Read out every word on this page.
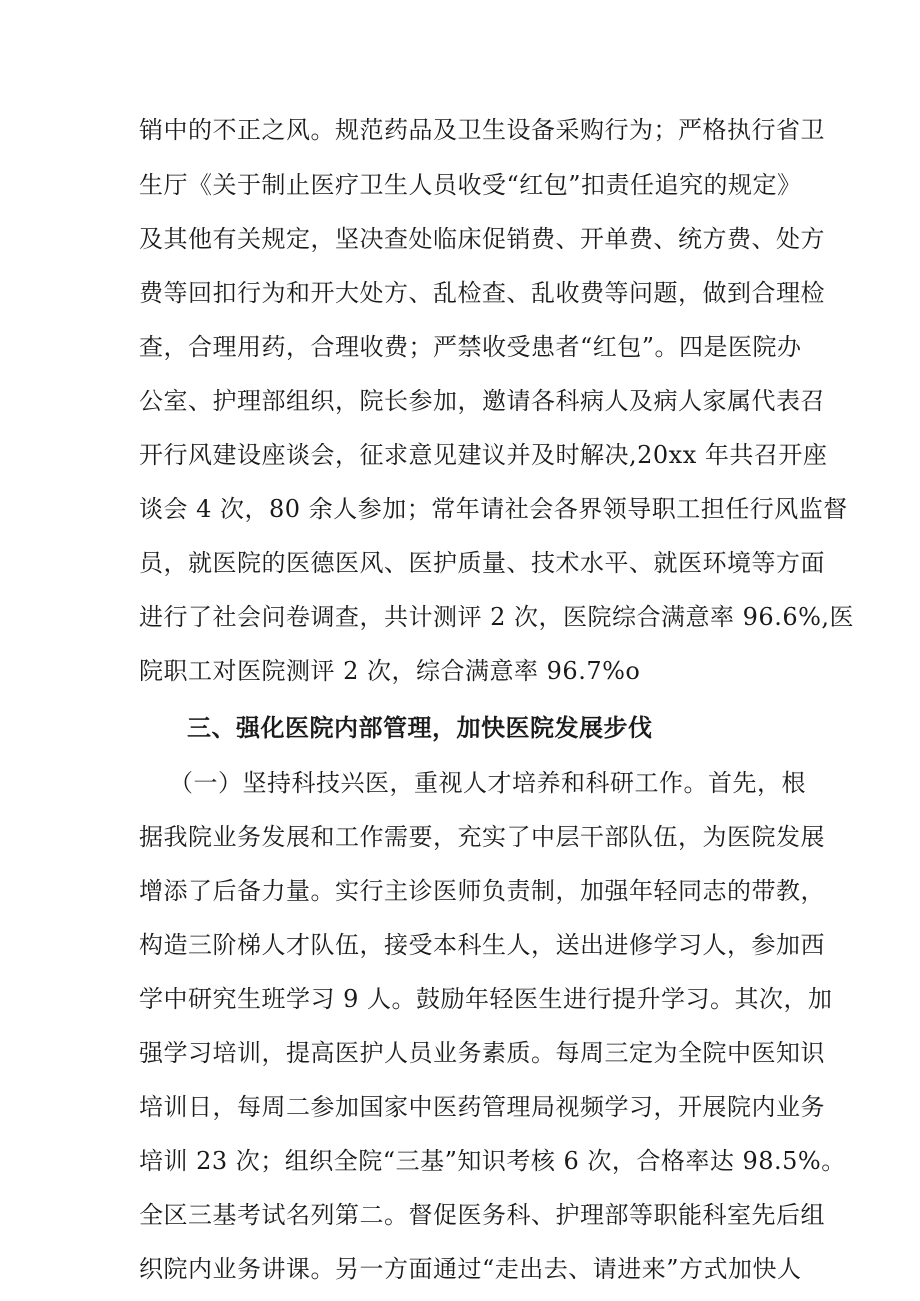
销中的不正之风。规范药品及卫生设备采购行为；严格执行省卫
生厅《关于制止医疗卫生人员收受“红包”扣责任追究的规定》
及其他有关规定，坚决查处临床促销费、开单费、统方费、处方
费等回扣行为和开大处方、乱检查、乱收费等问题，做到合理检
查，合理用药，合理收费；严禁收受患者“红包”。四是医院办
公室、护理部组织，院长参加，邀请各科病人及病人家属代表召
开行风建设座谈会，征求意见建议并及时解决,20xx 年共召开座
谈会 4 次，80 余人参加；常年请社会各界领导职工担任行风监督
员，就医院的医德医风、医护质量、技术水平、就医环境等方面
进行了社会问卷调查，共计测评 2 次，医院综合满意率 96.6%,医
院职工对医院测评 2 次，综合满意率 96.7%o
三、强化医院内部管理，加快医院发展步伐
（一）坚持科技兴医，重视人才培养和科研工作。首先，根
据我院业务发展和工作需要，充实了中层干部队伍，为医院发展
增添了后备力量。实行主诊医师负责制，加强年轻同志的带教，
构造三阶梯人才队伍，接受本科生人，送出进修学习人，参加西
学中研究生班学习 9 人。鼓励年轻医生进行提升学习。其次，加
强学习培训，提高医护人员业务素质。每周三定为全院中医知识
培训日，每周二参加国家中医药管理局视频学习，开展院内业务
培训 23 次；组织全院“三基”知识考核 6 次，合格率达 98.5%。
全区三基考试名列第二。督促医务科、护理部等职能科室先后组
织院内业务讲课。另一方面通过“走出去、请进来”方式加快人
